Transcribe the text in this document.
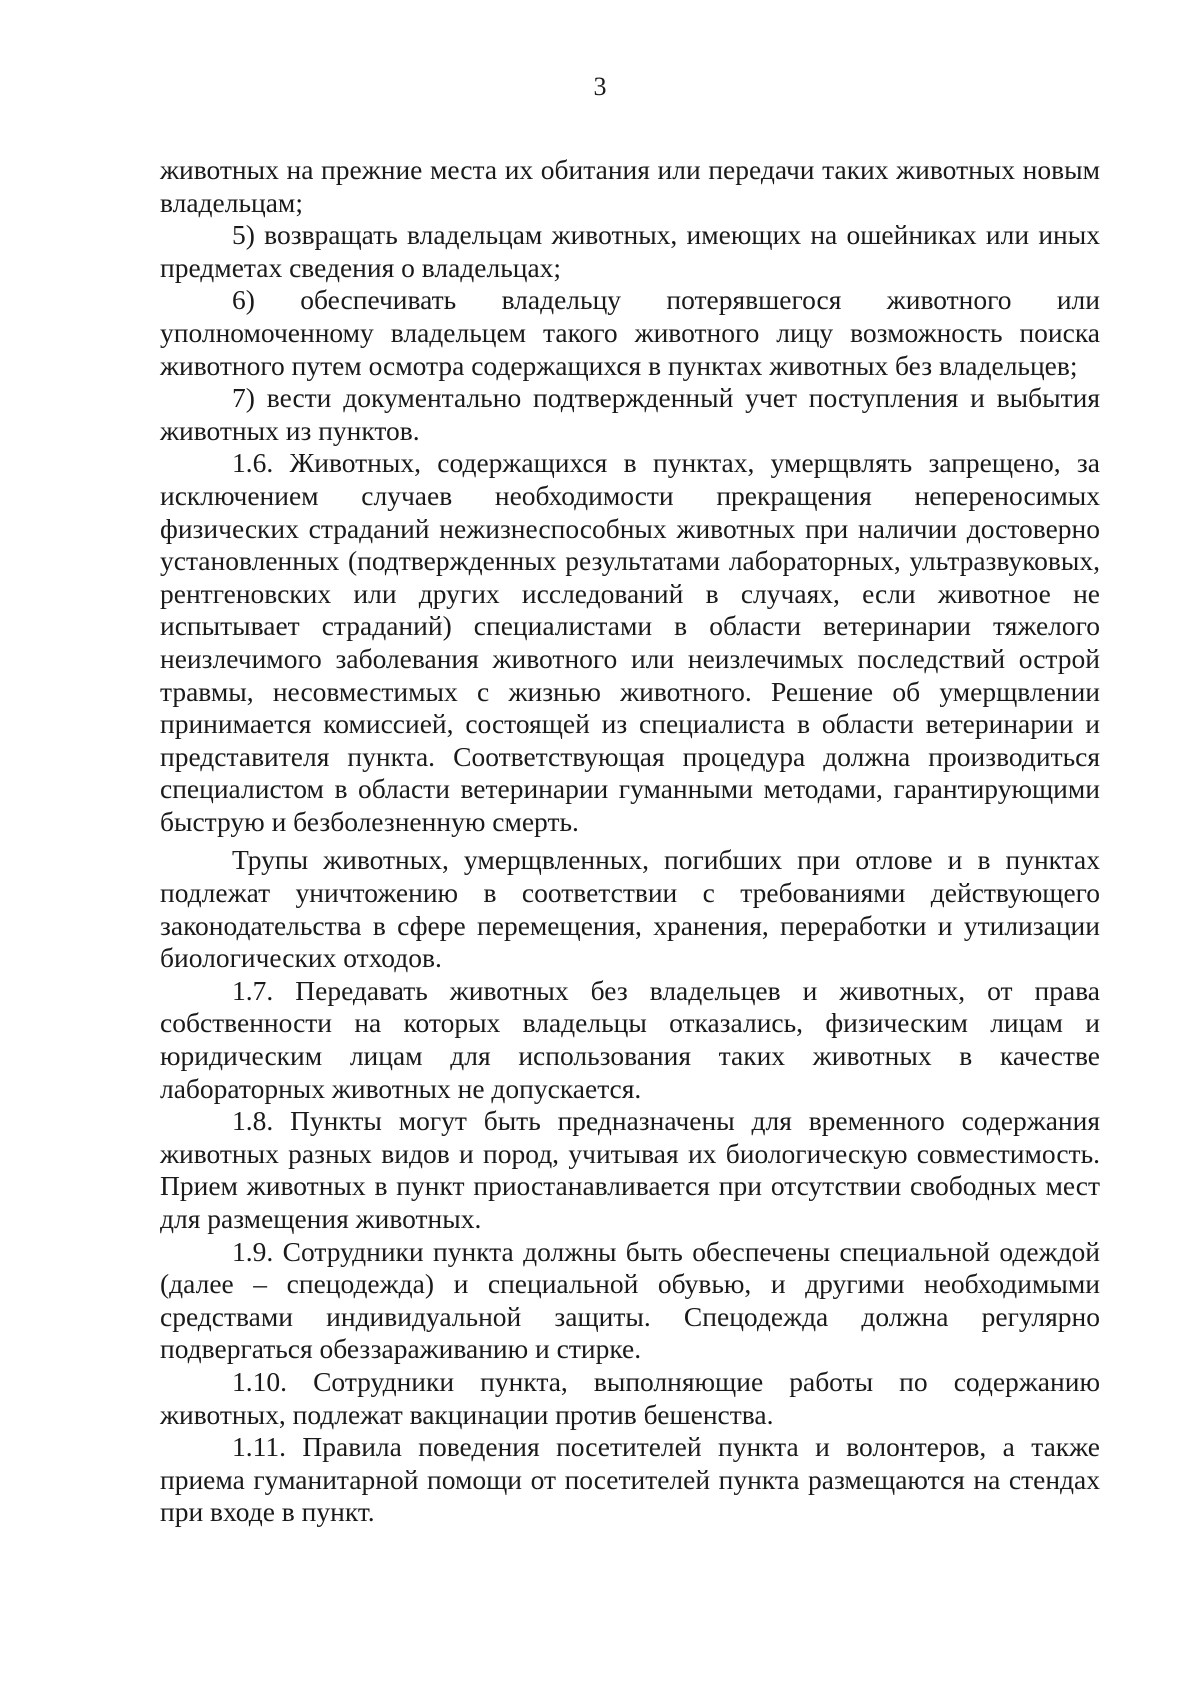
3

животных на прежние места их обитания или передачи таких животных новым владельцам;

5) возвращать владельцам животных, имеющих на ошейниках или иных предметах сведения о владельцах;

6) обеспечивать владельцу потерявшегося животного или уполномоченному владельцем такого животного лицу возможность поиска животного путем осмотра содержащихся в пунктах животных без владельцев;

7) вести документально подтвержденный учет поступления и выбытия животных из пунктов.

1.6. Животных, содержащихся в пунктах, умерщвлять запрещено, за исключением случаев необходимости прекращения непереносимых физических страданий нежизнеспособных животных при наличии достоверно установленных (подтвержденных результатами лабораторных, ультразвуковых, рентгеновских или других исследований в случаях, если животное не испытывает страданий) специалистами в области ветеринарии тяжелого неизлечимого заболевания животного или неизлечимых последствий острой травмы, несовместимых с жизнью животного. Решение об умерщвлении принимается комиссией, состоящей из специалиста в области ветеринарии и представителя пункта. Соответствующая процедура должна производиться специалистом в области ветеринарии гуманными методами, гарантирующими быструю и безболезненную смерть.

Трупы животных, умерщвленных, погибших при отлове и в пунктах подлежат уничтожению в соответствии с требованиями действующего законодательства в сфере перемещения, хранения, переработки и утилизации биологических отходов.

1.7. Передавать животных без владельцев и животных, от права собственности на которых владельцы отказались, физическим лицам и юридическим лицам для использования таких животных в качестве лабораторных животных не допускается.

1.8. Пункты могут быть предназначены для временного содержания животных разных видов и пород, учитывая их биологическую совместимость. Прием животных в пункт приостанавливается при отсутствии свободных мест для размещения животных.

1.9. Сотрудники пункта должны быть обеспечены специальной одеждой (далее – спецодежда) и специальной обувью, и другими необходимыми средствами индивидуальной защиты. Спецодежда должна регулярно подвергаться обеззараживанию и стирке.

1.10. Сотрудники пункта, выполняющие работы по содержанию животных, подлежат вакцинации против бешенства.

1.11. Правила поведения посетителей пункта и волонтеров, а также приема гуманитарной помощи от посетителей пункта размещаются на стендах при входе в пункт.
